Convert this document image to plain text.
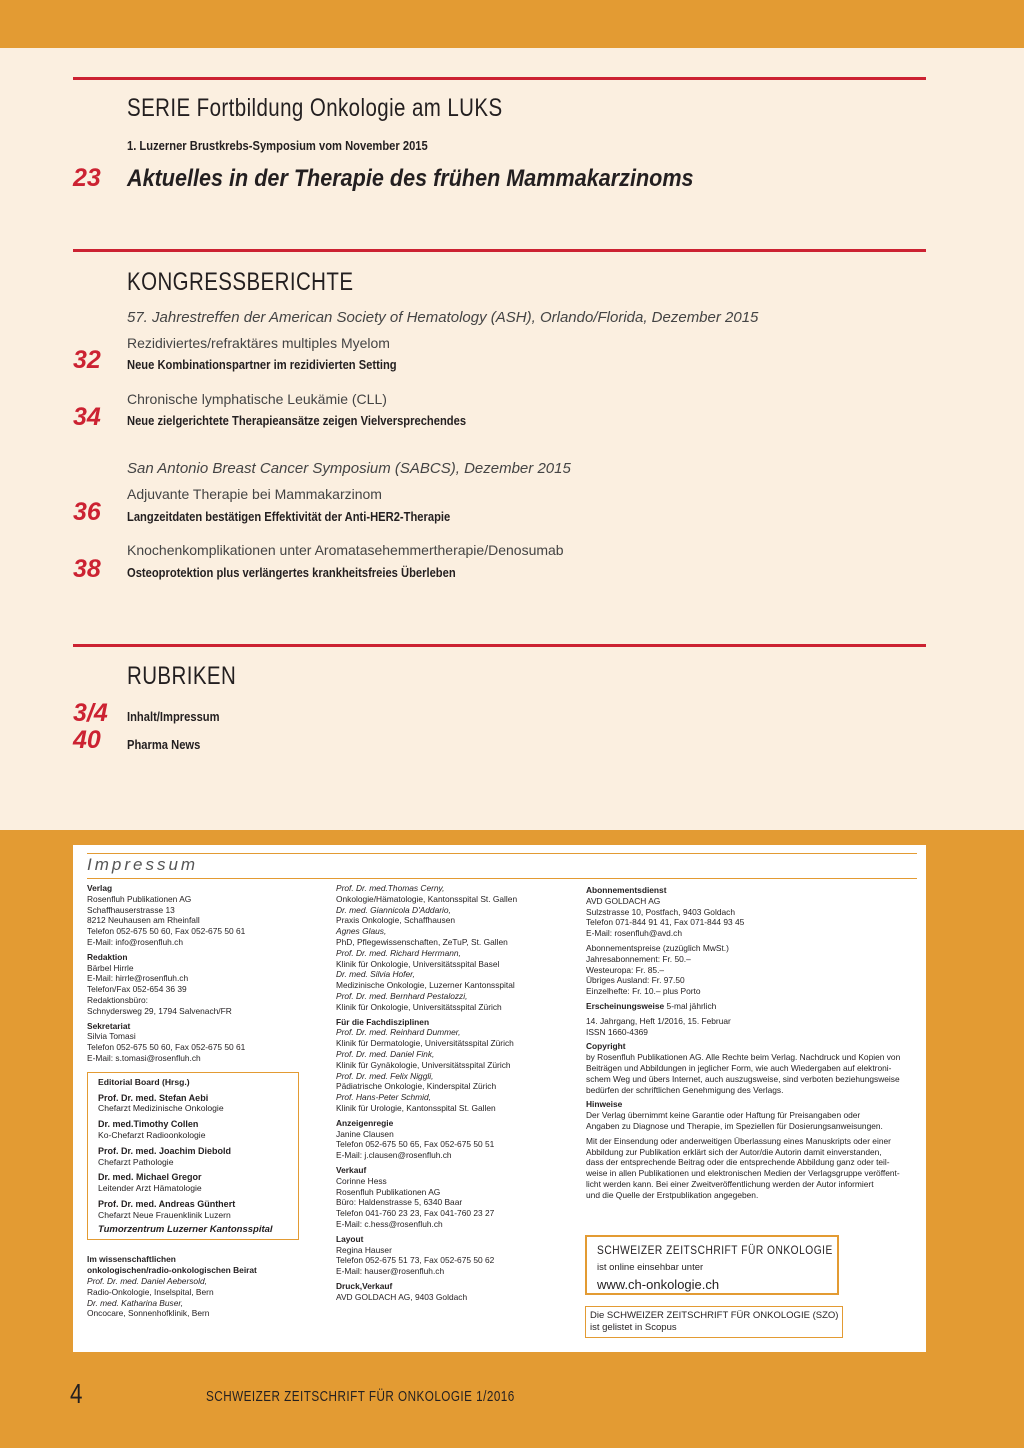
SERIE Fortbildung Onkologie am LUKS
1. Luzerner Brustkrebs-Symposium vom November 2015
23 Aktuelles in der Therapie des frühen Mammakarzinoms
KONGRESSBERICHTE
57. Jahrestreffen der American Society of Hematology (ASH), Orlando/Florida, Dezember 2015
Rezidiviertes/refraktäres multiples Myelom
32 Neue Kombinationspartner im rezidivierten Setting
Chronische lymphatische Leukämie (CLL)
34 Neue zielgerichtete Therapieansätze zeigen Vielversprechendes
San Antonio Breast Cancer Symposium (SABCS), Dezember 2015
Adjuvante Therapie bei Mammakarzinom
36 Langzeitdaten bestätigen Effektivität der Anti-HER2-Therapie
Knochenkomplikationen unter Aromatasehemmertherapie/Denosumab
38 Osteoprotektion plus verlängertes krankheitsfreies Überleben
RUBRIKEN
3/4 Inhalt/Impressum
40 Pharma News
Impressum

Verlag

Rosenfluh Publikationen AG

Schaffhauserstrasse 13

8212 Neuhausen am Rheinfall

Telefon 052-675 50 60, Fax 052-675 50 61

E-Mail: info@rosenfluh.ch

Redaktion

Bärbel Hirrle

E-Mail: hirrle@rosenfluh.ch

Telefon/Fax 052-654 36 39

Redaktionsbüro:

Schnydersweg 29, 1794 Salvenach/FR

Sekretariat

Silvia Tomasi

Telefon 052-675 50 60, Fax 052-675 50 61

E-Mail: s.tomasi@rosenfluh.ch

Editorial Board (Hrsg.)

Prof. Dr. med. Stefan Aebi

Chefarzt Medizinische Onkologie

Dr. med.Timothy Collen

Ko-Chefarzt Radioonkologie

Prof. Dr. med. Joachim Diebold

Chefarzt Pathologie

Dr. med. Michael Gregor

Leitender Arzt Hämatologie

Prof. Dr. med. Andreas Günthert

Chefarzt Neue Frauenklinik Luzern

Tumorzentrum Luzerner Kantonsspital

Im wissenschaftlichen

onkologischen/radio-onkologischen Beirat

Prof. Dr. med. Daniel Aebersold,

Radio-Onkologie, Inselspital, Bern

Dr. med. Katharina Buser,

Oncocare, Sonnenhofklinik, Bern

Prof. Dr. med.Thomas Cerny,

Onkologie/Hämatologie, Kantonsspital St. Gallen

Dr. med. Giannicola D'Addario,

Praxis Onkologie, Schaffhausen

Agnes Glaus,

PhD, Pflegewissenschaften, ZeTuP, St. Gallen

Prof. Dr. med. Richard Herrmann,

Klinik für Onkologie, Universitätsspital Basel

Dr. med. Silvia Hofer,

Medizinische Onkologie, Luzerner Kantonsspital

Prof. Dr. med. Bernhard Pestalozzi,

Klinik für Onkologie, Universitätsspital Zürich

Für die Fachdisziplinen

Prof. Dr. med. Reinhard Dummer,

Klinik für Dermatologie, Universitätsspital Zürich

Prof. Dr. med. Daniel Fink,

Klinik für Gynäkologie, Universitätsspital Zürich

Prof. Dr. med. Felix Niggli,

Pädiatrische Onkologie, Kinderspital Zürich

Prof. Hans-Peter Schmid,

Klinik für Urologie, Kantonsspital St. Gallen

Anzeigenregie

Janine Clausen

Telefon 052-675 50 65, Fax 052-675 50 51

E-Mail: j.clausen@rosenfluh.ch

Verkauf

Corinne Hess

Rosenfluh Publikationen AG

Büro: Haldenstrasse 5, 6340 Baar

Telefon 041-760 23 23, Fax 041-760 23 27

E-Mail: c.hess@rosenfluh.ch

Layout

Regina Hauser

Telefon 052-675 51 73, Fax 052-675 50 62

E-Mail: hauser@rosenfluh.ch

Druck,Verkauf

AVD GOLDACH AG, 9403 Goldach

Abonnementsdienst

AVD GOLDACH AG

Sulzstrasse 10, Postfach, 9403 Goldach

Telefon 071-844 91 41, Fax 071-844 93 45

E-Mail: rosenfluh@avd.ch

Abonnementspreise (zuzüglich MwSt.)

Jahresabonnement: Fr. 50.–

Westeuropa: Fr. 85.–

Übriges Ausland: Fr. 97.50

Einzelhefte: Fr. 10.– plus Porto

Erscheinungsweise 5-mal jährlich

14. Jahrgang, Heft 1/2016, 15. Februar

ISSN 1660-4369

Copyright

by Rosenfluh Publikationen AG. Alle Rechte beim Verlag. Nachdruck und Kopien von

Beiträgen und Abbildungen in jeglicher Form, wie auch Wiedergaben auf elektroni-

schem Weg und übers Internet, auch auszugsweise, sind verboten beziehungsweise

bedürfen der schriftlichen Genehmigung des Verlags.

Hinweise

Der Verlag übernimmt keine Garantie oder Haftung für Preisangaben oder

Angaben zu Diagnose und Therapie, im Speziellen für Dosierungsanweisungen.

Mit der Einsendung oder anderweitigen Überlassung eines Manuskripts oder einer

Abbildung zur Publikation erklärt sich der Autor/die Autorin damit einverstanden,

dass der entsprechende Beitrag oder die entsprechende Abbildung ganz oder teil-

weise in allen Publikationen und elektronischen Medien der Verlagsgruppe veröffent-

licht werden kann. Bei einer Zweitveröffentlichung werden der Autor informiert

und die Quelle der Erstpublikation angegeben.

SCHWEIZER ZEITSCHRIFT FÜR ONKOLOGIE
ist online einsehbar unter
www.ch-onkologie.ch
Die SCHWEIZER ZEITSCHRIFT FÜR ONKOLOGIE (SZO)
ist gelistet in Scopus
4	SCHWEIZER ZEITSCHRIFT FÜR ONKOLOGIE 1/2016
